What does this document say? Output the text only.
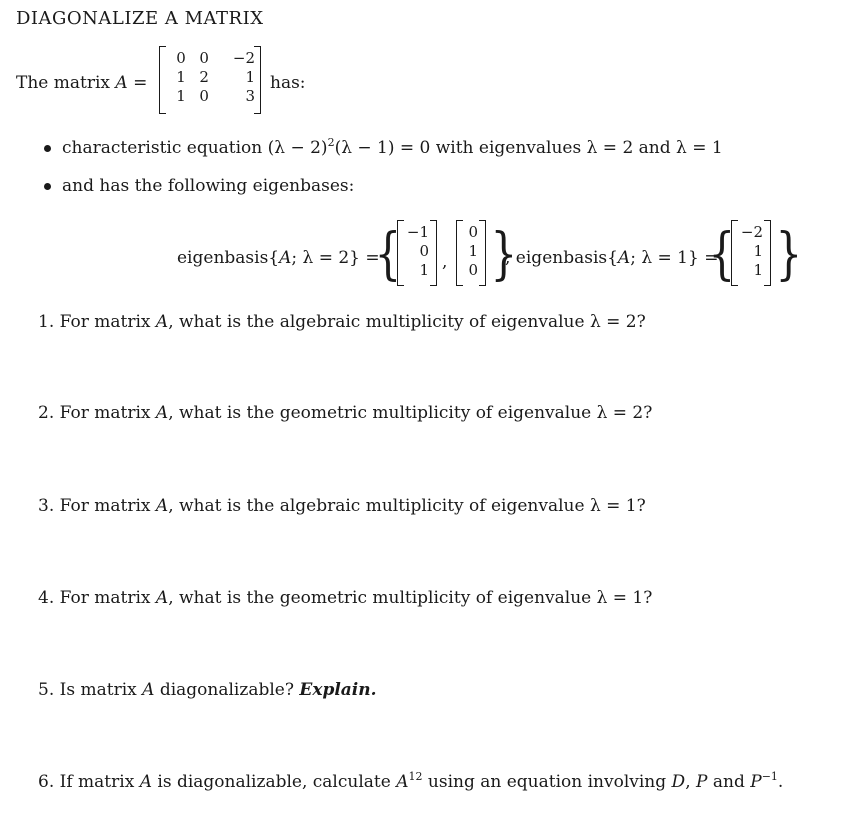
DIAGONALIZE A MATRIX
The matrix A =
0	0	−2
1	2	1
1	0	3
has:
characteristic equation $(\lambda - 2)^2(\lambda - 1) = 0$ with eigenvalues λ = 2 and λ = 1
and has the following eigenbases:
eigenbasis{A; λ = 2} =
{ −1
0
1 ,
0
1
0 }
, eigenbasis{A; λ = 1} =
{ −2
1
1 }
1. For matrix A, what is the algebraic multiplicity of eigenvalue λ = 2?
2. For matrix A, what is the geometric multiplicity of eigenvalue λ = 2?
3. For matrix A, what is the algebraic multiplicity of eigenvalue λ = 1?
4. For matrix A, what is the geometric multiplicity of eigenvalue λ = 1?
5. Is matrix A diagonalizable? Explain.
6. If matrix A is diagonalizable, calculate $A^{12}$ using an equation involving D, P and $P^{-1}$.
